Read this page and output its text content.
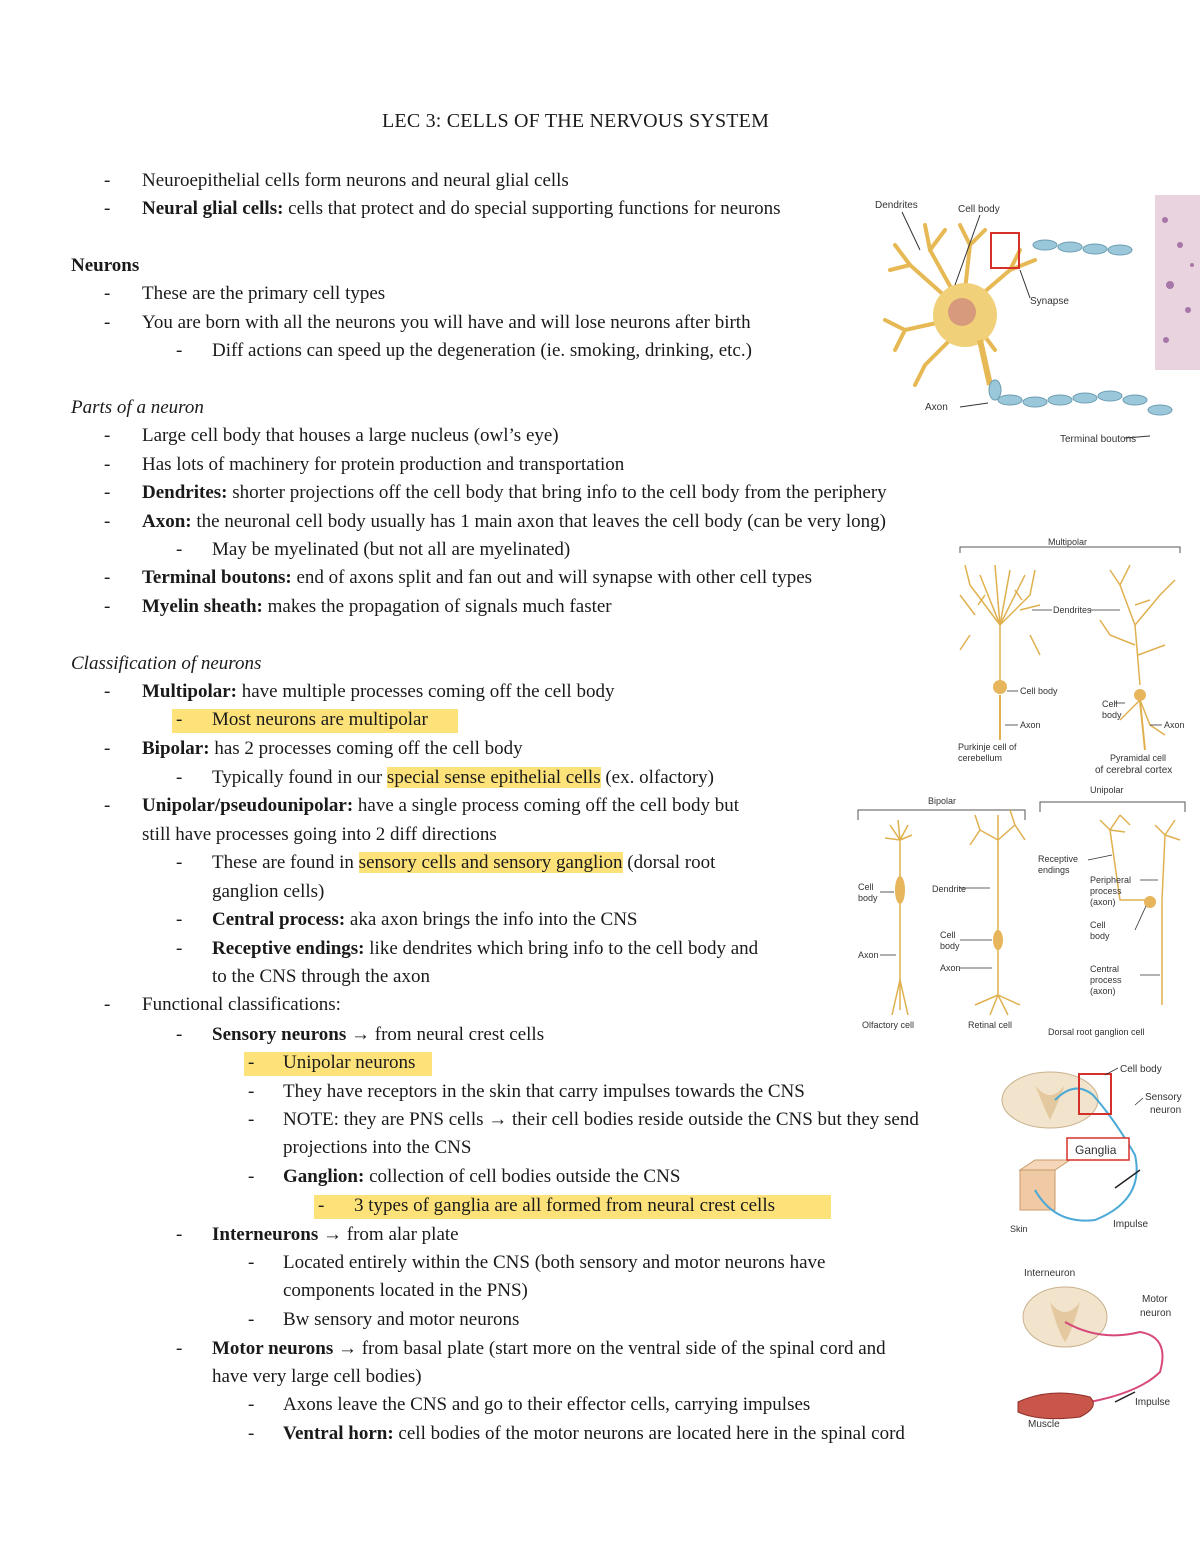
LEC 3: CELLS OF THE NERVOUS SYSTEM
- Neuroepithelial cells form neurons and neural glial cells
- Neural glial cells: cells that protect and do special supporting functions for neurons
Neurons
- These are the primary cell types
- You are born with all the neurons you will have and will lose neurons after birth
- Diff actions can speed up the degeneration (ie. smoking, drinking, etc.)
Parts of a neuron
- Large cell body that houses a large nucleus (owl’s eye)
- Has lots of machinery for protein production and transportation
- Dendrites: shorter projections off the cell body that bring info to the cell body from the periphery
- Axon: the neuronal cell body usually has 1 main axon that leaves the cell body (can be very long)
- May be myelinated (but not all are myelinated)
- Terminal boutons: end of axons split and fan out and will synapse with other cell types
- Myelin sheath: makes the propagation of signals much faster
Classification of neurons
- Multipolar: have multiple processes coming off the cell body
- Most neurons are multipolar
- Bipolar: has 2 processes coming off the cell body
- Typically found in our special sense epithelial cells (ex. olfactory)
- Unipolar/pseudounipolar: have a single process coming off the cell body but
still have processes going into 2 diff directions
- These are found in sensory cells and sensory ganglion (dorsal root
ganglion cells)
- Central process: aka axon brings the info into the CNS
- Receptive endings: like dendrites which bring info to the cell body and
to the CNS through the axon
- Functional classifications:
- Sensory neurons → from neural crest cells
- Unipolar neurons
- They have receptors in the skin that carry impulses towards the CNS
- NOTE: they are PNS cells → their cell bodies reside outside the CNS but they send
projections into the CNS
- Ganglion: collection of cell bodies outside the CNS
- 3 types of ganglia are all formed from neural crest cells
- Interneurons → from alar plate
- Located entirely within the CNS (both sensory and motor neurons have
components located in the PNS)
- Bw sensory and motor neurons
- Motor neurons → from basal plate (start more on the ventral side of the spinal cord and
have very large cell bodies)
- Axons leave the CNS and go to their effector cells, carrying impulses
- Ventral horn: cell bodies of the motor neurons are located here in the spinal cord
Dendrites	Cell body
Synapse
Axon
Terminal boutons
Multipolar
Dendrites
Cell body
Axon
Cell
body
Axon
Purkinje cell of
cerebellum	Pyramidal cell
of cerebral cortex
Bipolar
Unipolar
Cell
body
Axon
Dendrite
Cell
body
Axon
Olfactory cell	Retinal cell
Receptive
endings
Peripheral
process
(axon)
Cell
body
Central
process
(axon)
Dorsal root ganglion cell
Ganglia
Cell body
Sensory
neuron
Skin	Impulse
Interneuron
Motor
neuron
Muscle
Impulse
